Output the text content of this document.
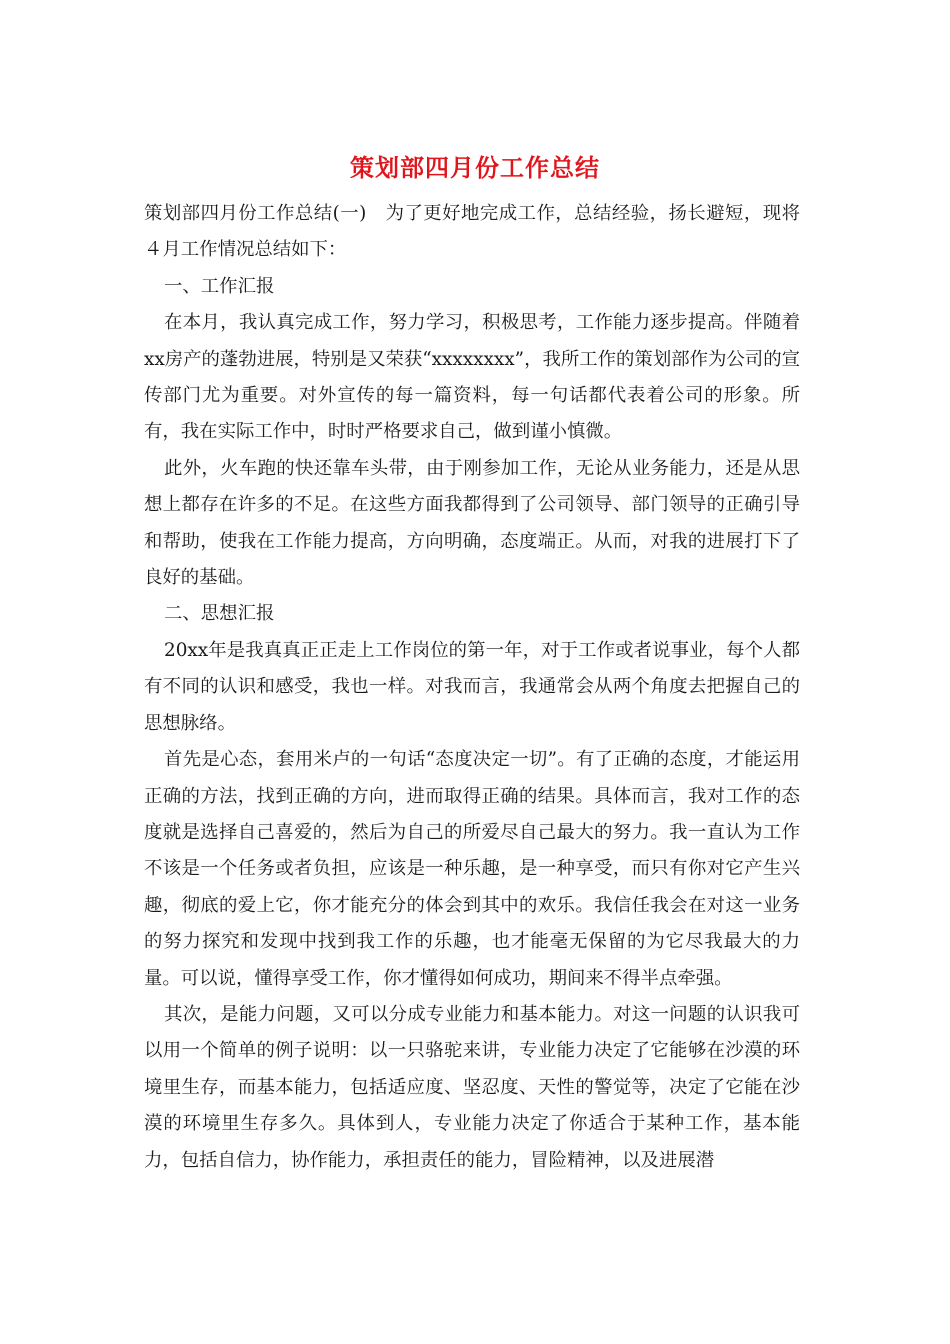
策划部四月份工作总结

策划部四月份工作总结(一)　为了更好地完成工作，总结经验，扬长避短，现将４月工作情况总结如下：

一、工作汇报

在本月，我认真完成工作，努力学习，积极思考，工作能力逐步提高。伴随着xx房产的蓬勃进展，特别是又荣获“xxxxxxxx”，我所工作的策划部作为公司的宣传部门尤为重要。对外宣传的每一篇资料，每一句话都代表着公司的形象。所有，我在实际工作中，时时严格要求自己，做到谨小慎微。

此外，火车跑的快还靠车头带，由于刚参加工作，无论从业务能力，还是从思想上都存在许多的不足。在这些方面我都得到了公司领导、部门领导的正确引导和帮助，使我在工作能力提高，方向明确，态度端正。从而，对我的进展打下了良好的基础。

二、思想汇报

20xx年是我真真正正走上工作岗位的第一年，对于工作或者说事业，每个人都有不同的认识和感受，我也一样。对我而言，我通常会从两个角度去把握自己的思想脉络。

首先是心态，套用米卢的一句话“态度决定一切”。有了正确的态度，才能运用正确的方法，找到正确的方向，进而取得正确的结果。具体而言，我对工作的态度就是选择自己喜爱的，然后为自己的所爱尽自己最大的努力。我一直认为工作不该是一个任务或者负担，应该是一种乐趣，是一种享受，而只有你对它产生兴趣，彻底的爱上它，你才能充分的体会到其中的欢乐。我信任我会在对这一业务的努力探究和发现中找到我工作的乐趣，也才能毫无保留的为它尽我最大的力量。可以说，懂得享受工作，你才懂得如何成功，期间来不得半点牵强。

其次，是能力问题，又可以分成专业能力和基本能力。对这一问题的认识我可以用一个简单的例子说明：以一只骆驼来讲，专业能力决定了它能够在沙漠的环境里生存，而基本能力，包括适应度、坚忍度、天性的警觉等，决定了它能在沙漠的环境里生存多久。具体到人，专业能力决定了你适合于某种工作，基本能力，包括自信力，协作能力，承担责任的能力，冒险精神，以及进展潜
